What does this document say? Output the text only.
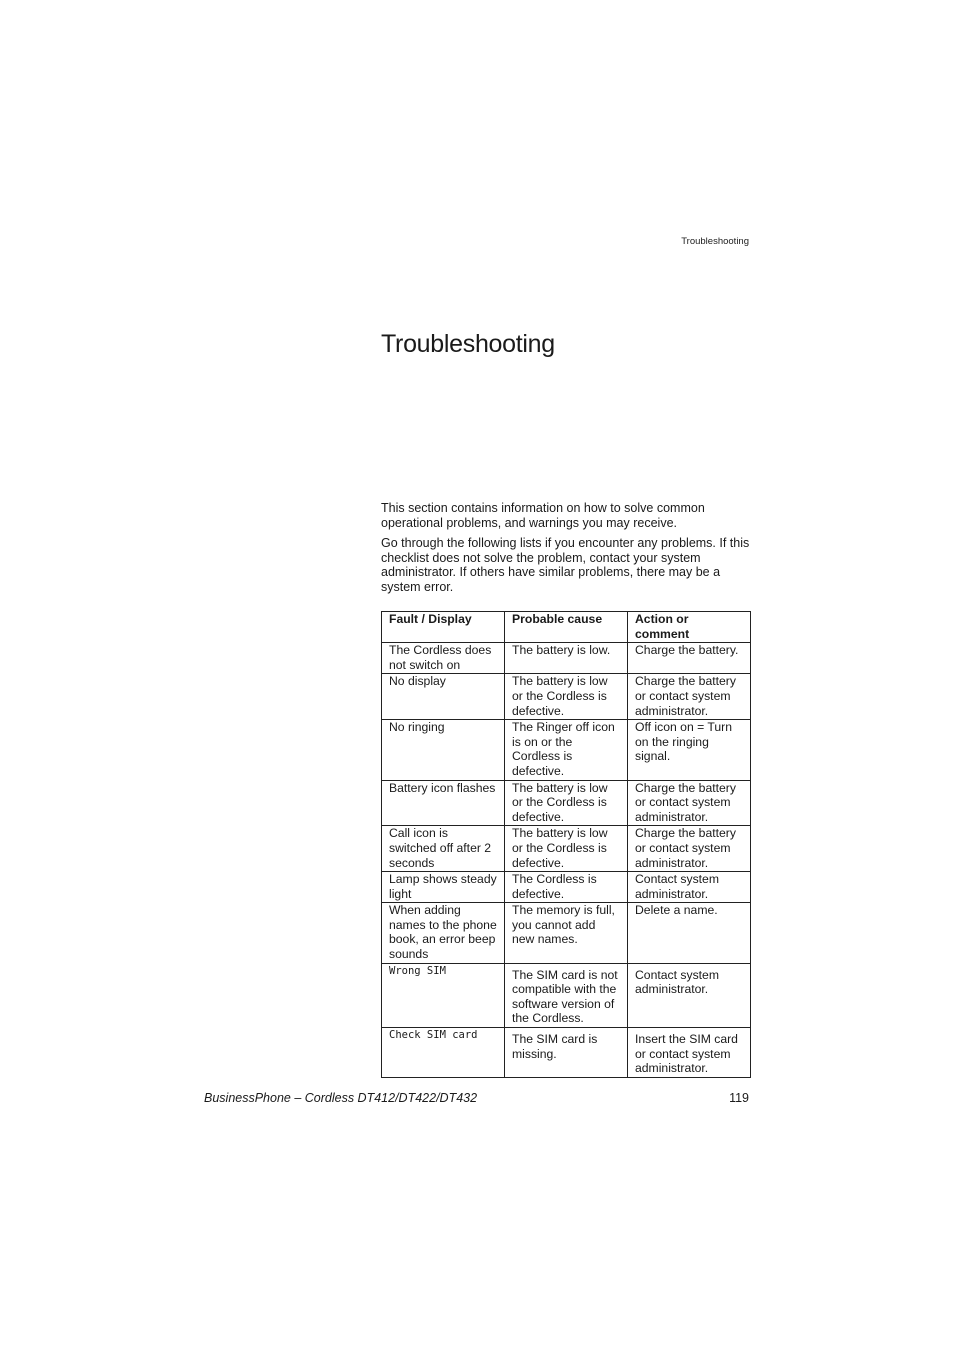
Troubleshooting
Troubleshooting

This section contains information on how to solve common operational problems, and warnings you may receive.

Go through the following lists if you encounter any problems. If this checklist does not solve the problem, contact your system administrator. If others have similar problems, there may be a system error.

Fault / Display	Probable cause	Action or comment
The Cordless does not switch on	The battery is low.	Charge the battery.
No display	The battery is low or the Cordless is defective.	Charge the battery or contact system administrator.
No ringing	The Ringer off icon is on or the Cordless is defective.	Off icon on = Turn on the ringing signal.
Battery icon flashes	The battery is low or the Cordless is defective.	Charge the battery or contact system administrator.
Call icon is switched off after 2 seconds	The battery is low or the Cordless is defective.	Charge the battery or contact system administrator.
Lamp shows steady light	The Cordless is defective.	Contact system administrator.
When adding names to the phone book, an error beep sounds	The memory is full, you cannot add new names.	Delete a name.
Wrong SIM	The SIM card is not compatible with the software version of the Cordless.	Contact system administrator.
Check SIM card	The SIM card is missing.	Insert the SIM card or contact system administrator.
BusinessPhone – Cordless DT412/DT422/DT432	119
